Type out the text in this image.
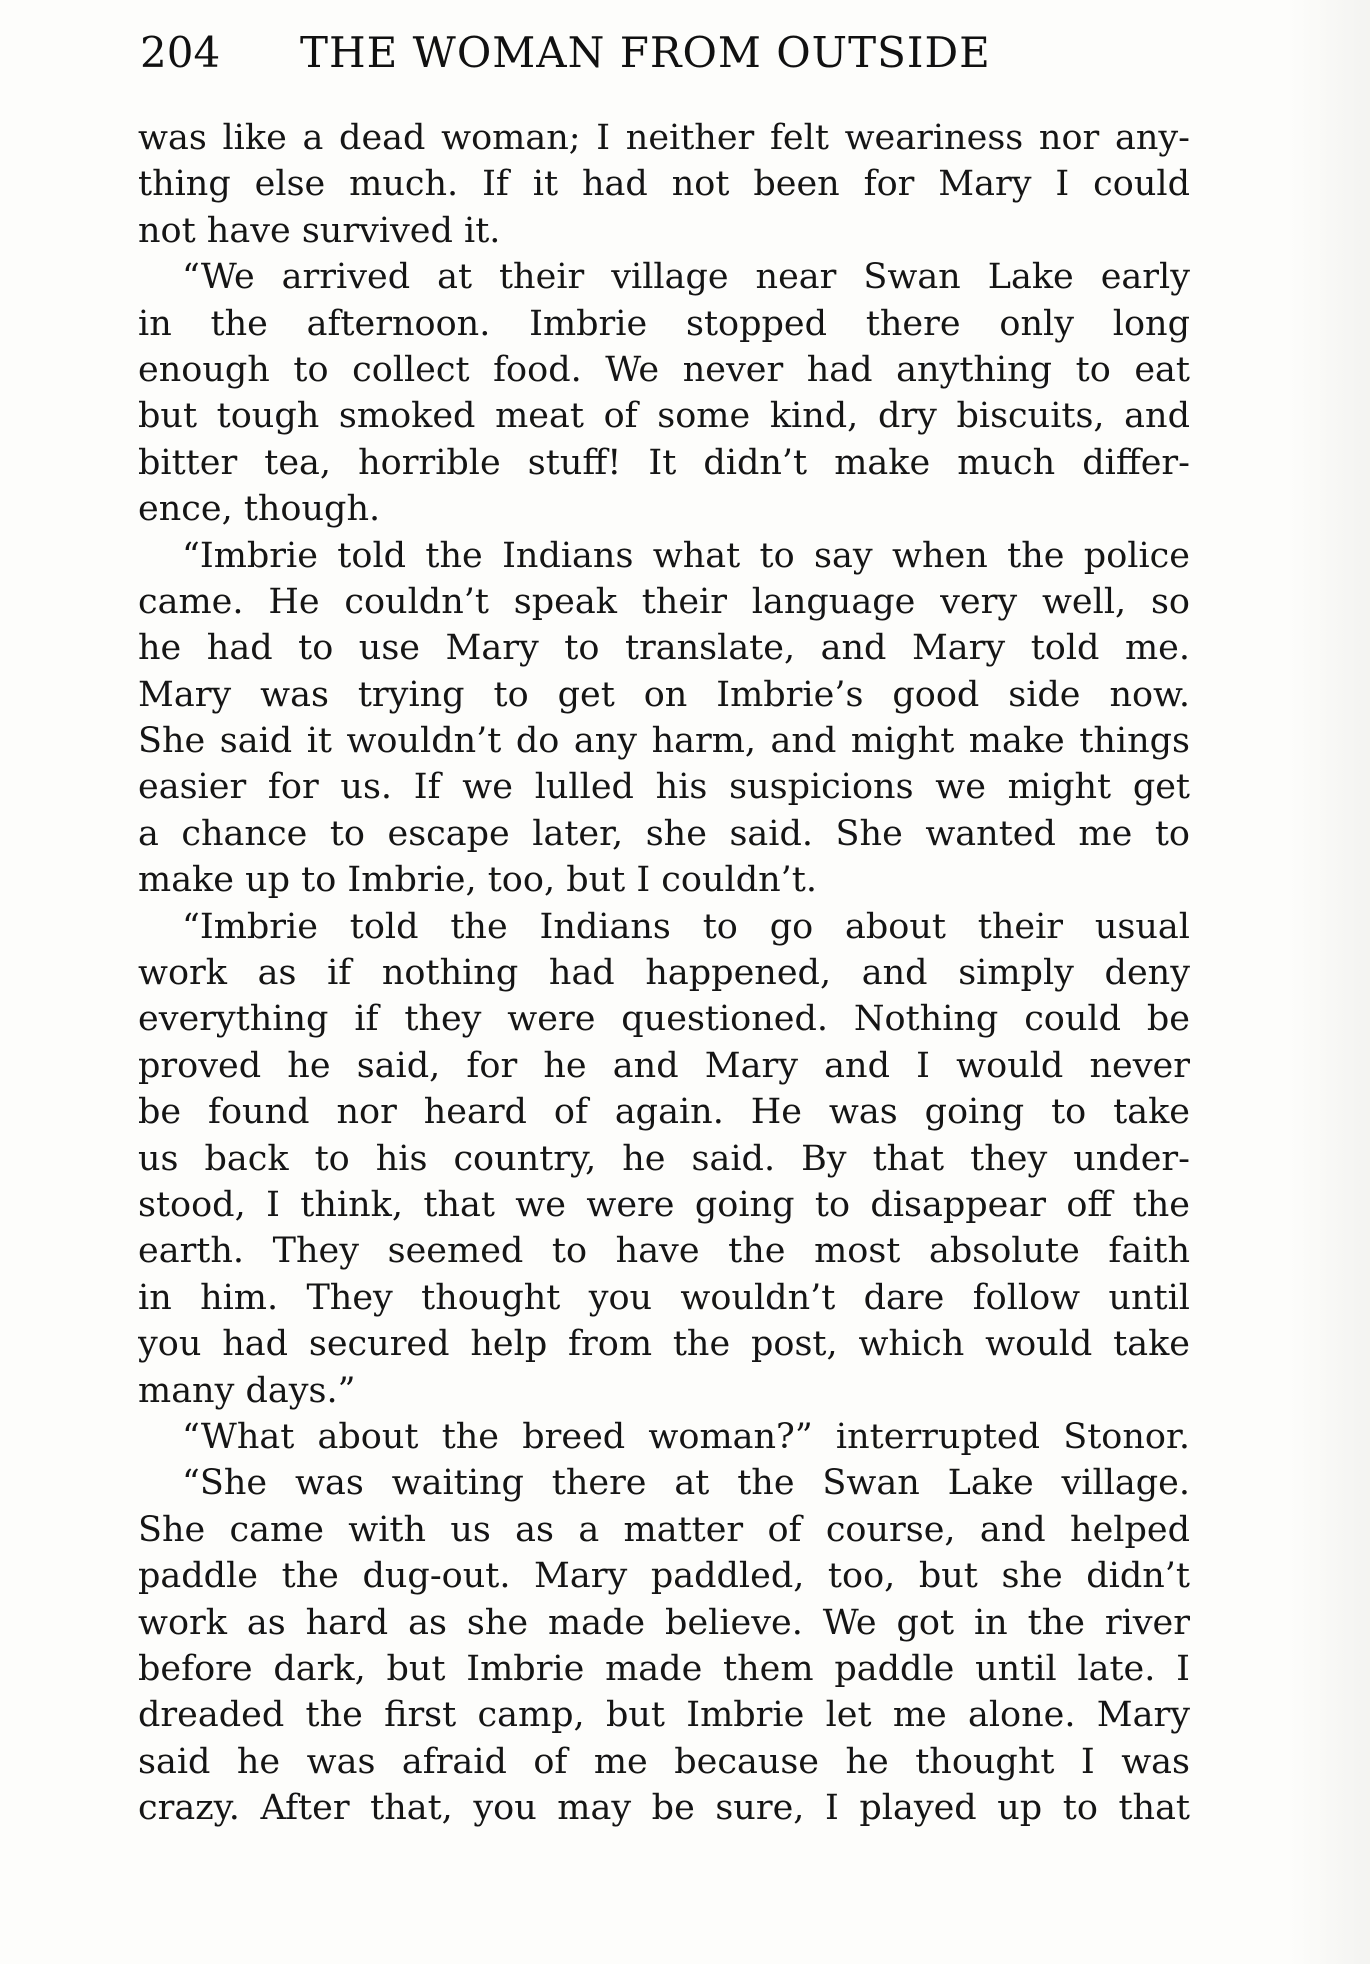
204 THE WOMAN FROM OUTSIDE
was like a dead woman; I neither felt weariness nor any-
thing else much. If it had not been for Mary I could
not have survived it.
“We arrived at their village near Swan Lake early
in the afternoon. Imbrie stopped there only long
enough to collect food. We never had anything to eat
but tough smoked meat of some kind, dry biscuits, and
bitter tea, horrible stuff! It didn’t make much differ-
ence, though.
“Imbrie told the Indians what to say when the police
came. He couldn’t speak their language very well, so
he had to use Mary to translate, and Mary told me.
Mary was trying to get on Imbrie’s good side now.
She said it wouldn’t do any harm, and might make things
easier for us. If we lulled his suspicions we might get
a chance to escape later, she said. She wanted me to
make up to Imbrie, too, but I couldn’t.
“Imbrie told the Indians to go about their usual
work as if nothing had happened, and simply deny
everything if they were questioned. Nothing could be
proved he said, for he and Mary and I would never
be found nor heard of again. He was going to take
us back to his country, he said. By that they under-
stood, I think, that we were going to disappear off the
earth. They seemed to have the most absolute faith
in him. They thought you wouldn’t dare follow until
you had secured help from the post, which would take
many days.”
“What about the breed woman?” interrupted Stonor.
“She was waiting there at the Swan Lake village.
She came with us as a matter of course, and helped
paddle the dug-out. Mary paddled, too, but she didn’t
work as hard as she made believe. We got in the river
before dark, but Imbrie made them paddle until late. I
dreaded the first camp, but Imbrie let me alone. Mary
said he was afraid of me because he thought I was
crazy. After that, you may be sure, I played up to that
